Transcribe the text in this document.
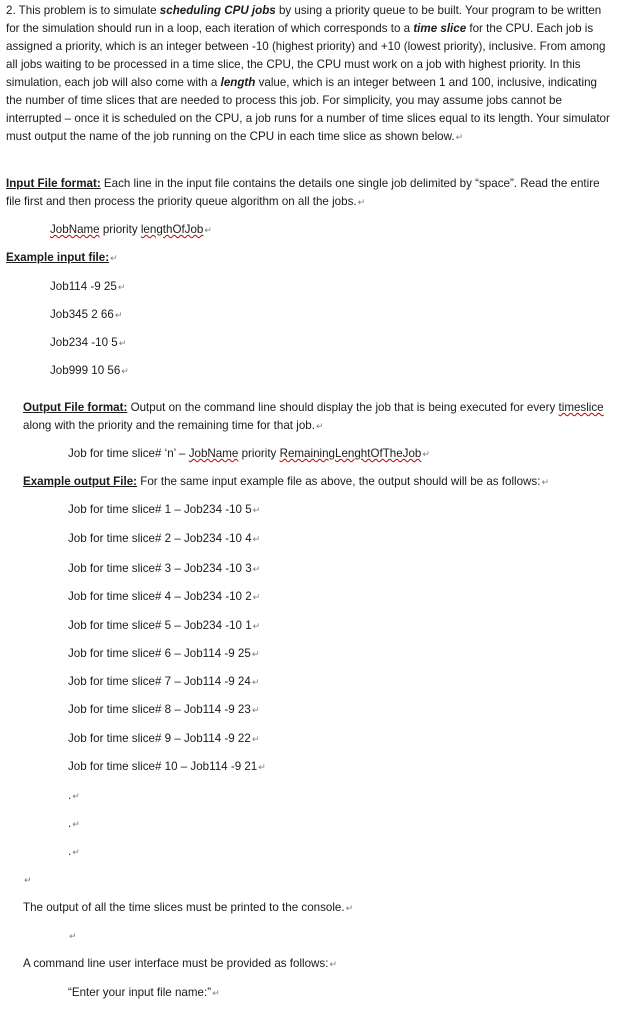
2. This problem is to simulate scheduling CPU jobs by using a priority queue to be built. Your program to be written for the simulation should run in a loop, each iteration of which corresponds to a time slice for the CPU. Each job is assigned a priority, which is an integer between -10 (highest priority) and +10 (lowest priority), inclusive. From among all jobs waiting to be processed in a time slice, the CPU, the CPU must work on a job with highest priority. In this simulation, each job will also come with a length value, which is an integer between 1 and 100, inclusive, indicating the number of time slices that are needed to process this job. For simplicity, you may assume jobs cannot be interrupted – once it is scheduled on the CPU, a job runs for a number of time slices equal to its length. Your simulator must output the name of the job running on the CPU in each time slice as shown below.↵

Input File format: Each line in the input file contains the details one single job delimited by “space”. Read the entire file first and then process the priority queue algorithm on all the jobs.↵

JobName priority lengthOfJob↵
Example input file:↵
Job114 -9 25↵
Job345 2 66↵
Job234 -10 5↵
Job999 10 56↵

Output File format: Output on the command line should display the job that is being executed for every timeslice along with the priority and the remaining time for that job.↵

Job for time slice# ‘n’ – JobName priority RemainingLenghtOfTheJob↵
Example output File: For the same input example file as above, the output should will be as follows:↵
Job for time slice# 1 – Job234 -10 5↵
Job for time slice# 2 – Job234 -10 4↵
Job for time slice# 3 – Job234 -10 3↵
Job for time slice# 4 – Job234 -10 2↵
Job for time slice# 5 – Job234 -10 1↵
Job for time slice# 6 – Job114 -9 25↵
Job for time slice# 7 – Job114 -9 24↵
Job for time slice# 8 – Job114 -9 23↵
Job for time slice# 9 – Job114 -9 22↵
Job for time slice# 10 – Job114 -9 21↵
.↵
.↵
.↵
↵
The output of all the time slices must be printed to the console.↵
↵
A command line user interface must be provided as follows:↵
“Enter your input file name:”↵
